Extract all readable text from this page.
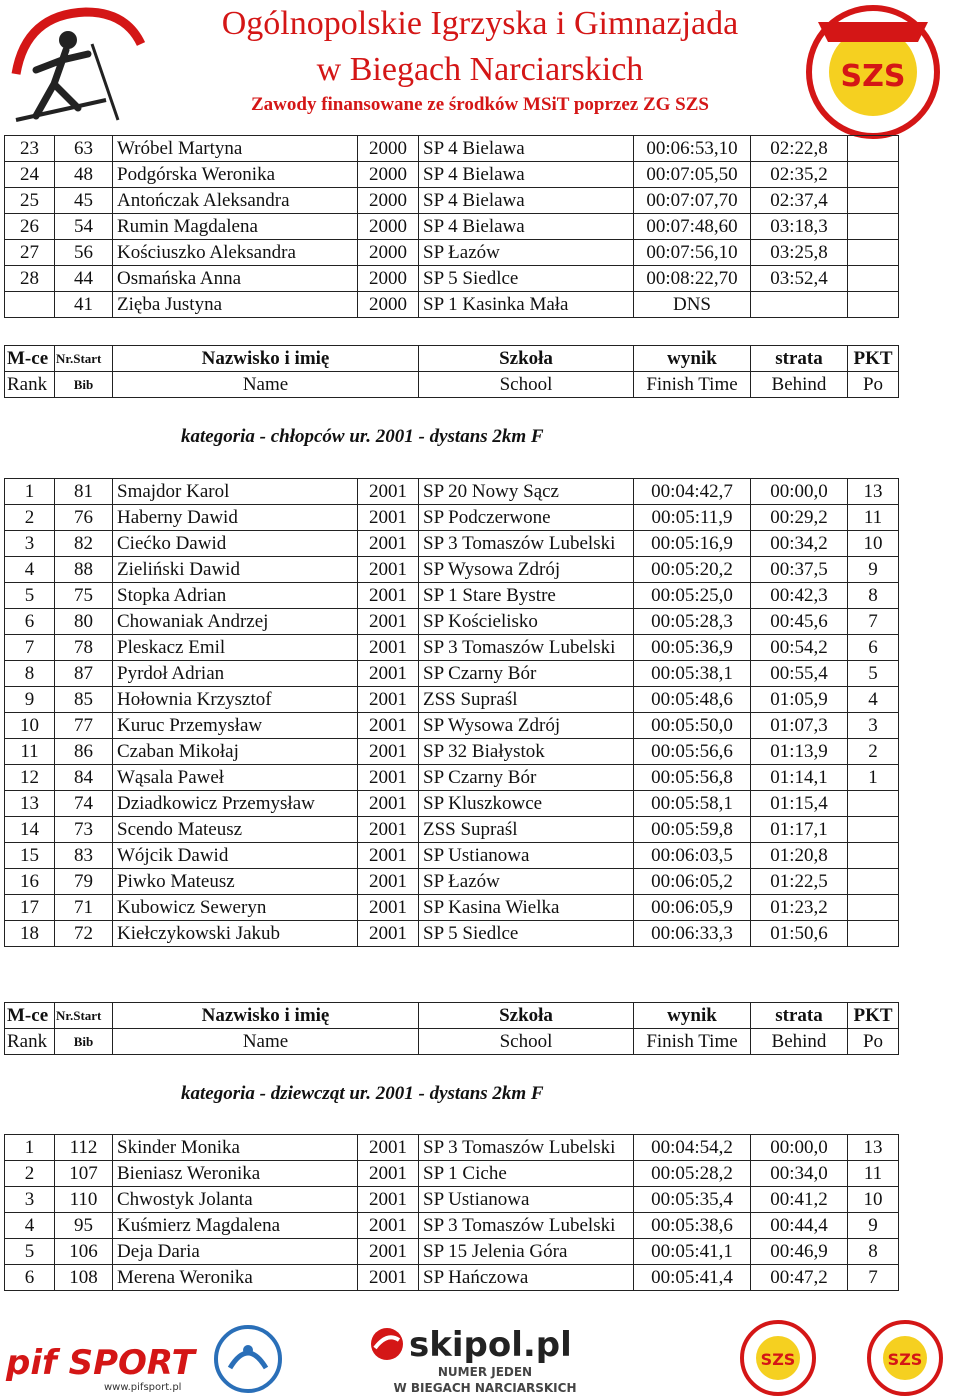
Ogólnopolskie Igrzyska i Gimnazjada
w Biegach Narciarskich
Zawody finansowane ze środków MSiT poprzez ZG SZS
SZS
23	63	Wróbel Martyna	2000	SP 4 Bielawa	00:06:53,10	02:22,8	
24	48	Podgórska Weronika	2000	SP 4 Bielawa	00:07:05,50	02:35,2	
25	45	Antończak Aleksandra	2000	SP 4 Bielawa	00:07:07,70	02:37,4	
26	54	Rumin Magdalena	2000	SP 4 Bielawa	00:07:48,60	03:18,3	
27	56	Kościuszko Aleksandra	2000	SP Łazów	00:07:56,10	03:25,8	
28	44	Osmańska Anna	2000	SP 5 Siedlce	00:08:22,70	03:52,4	
	41	Zięba Justyna	2000	SP 1 Kasinka Mała	DNS		
M-ce	Nr.Start	Nazwisko i imię	Szkoła	wynik	strata	PKT
Rank	Bib	Name	School	Finish Time	Behind	Po
kategoria - chłopców ur. 2001 - dystans 2km F
1	81	Smajdor Karol	2001	SP 20 Nowy Sącz	00:04:42,7	00:00,0	13
2	76	Haberny Dawid	2001	SP Podczerwone	00:05:11,9	00:29,2	11
3	82	Ciećko Dawid	2001	SP 3 Tomaszów Lubelski	00:05:16,9	00:34,2	10
4	88	Zieliński Dawid	2001	SP Wysowa Zdrój	00:05:20,2	00:37,5	9
5	75	Stopka Adrian	2001	SP 1 Stare Bystre	00:05:25,0	00:42,3	8
6	80	Chowaniak Andrzej	2001	SP Kościelisko	00:05:28,3	00:45,6	7
7	78	Pleskacz Emil	2001	SP 3 Tomaszów Lubelski	00:05:36,9	00:54,2	6
8	87	Pyrdoł Adrian	2001	SP Czarny Bór	00:05:38,1	00:55,4	5
9	85	Hołownia Krzysztof	2001	ZSS Supraśl	00:05:48,6	01:05,9	4
10	77	Kuruc Przemysław	2001	SP Wysowa Zdrój	00:05:50,0	01:07,3	3
11	86	Czaban Mikołaj	2001	SP 32 Białystok	00:05:56,6	01:13,9	2
12	84	Wąsala Paweł	2001	SP Czarny Bór	00:05:56,8	01:14,1	1
13	74	Dziadkowicz Przemysław	2001	SP Kluszkowce	00:05:58,1	01:15,4	
14	73	Scendo Mateusz	2001	ZSS Supraśl	00:05:59,8	01:17,1	
15	83	Wójcik Dawid	2001	SP Ustianowa	00:06:03,5	01:20,8	
16	79	Piwko Mateusz	2001	SP Łazów	00:06:05,2	01:22,5	
17	71	Kubowicz Seweryn	2001	SP Kasina Wielka	00:06:05,9	01:23,2	
18	72	Kiełczykowski Jakub	2001	SP 5 Siedlce	00:06:33,3	01:50,6	
M-ce	Nr.Start	Nazwisko i imię	Szkoła	wynik	strata	PKT
Rank	Bib	Name	School	Finish Time	Behind	Po
kategoria - dziewcząt ur. 2001 - dystans 2km F
1	112	Skinder Monika	2001	SP 3 Tomaszów Lubelski	00:04:54,2	00:00,0	13
2	107	Bieniasz Weronika	2001	SP 1 Ciche	00:05:28,2	00:34,0	11
3	110	Chwostyk Jolanta	2001	SP Ustianowa	00:05:35,4	00:41,2	10
4	95	Kuśmierz Magdalena	2001	SP 3 Tomaszów Lubelski	00:05:38,6	00:44,4	9
5	106	Deja Daria	2001	SP 15 Jelenia Góra	00:05:41,1	00:46,9	8
6	108	Merena Weronika	2001	SP Hańczowa	00:05:41,4	00:47,2	7
pif SPORT
www.pifsport.pl
skipol.pl
NUMER JEDEN
W BIEGACH NARCIARSKICH
SZS	SZS
